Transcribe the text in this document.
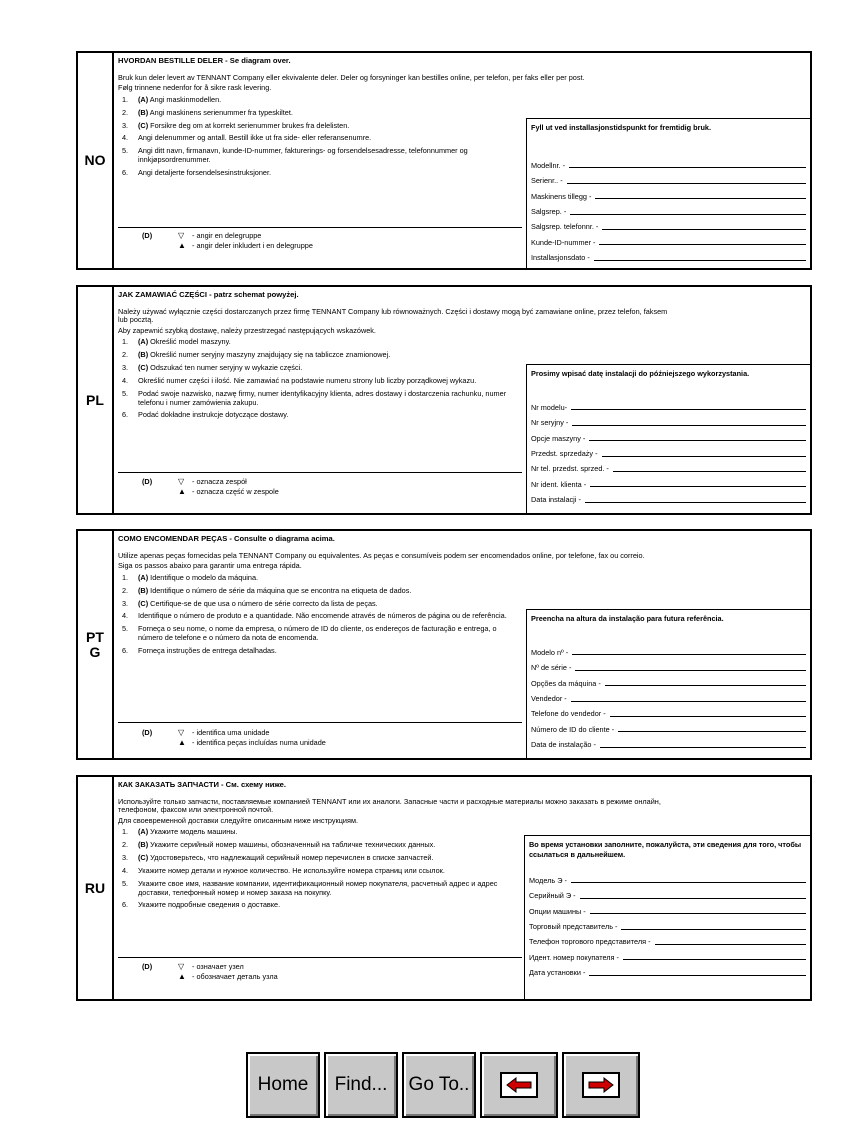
NO
HVORDAN BESTILLE DELER - Se diagram over.
Bruk kun deler levert av TENNANT Company eller ekvivalente deler. Deler og forsyninger kan bestilles online, per telefon, per faks eller per post.
Følg trinnene nedenfor for å sikre rask levering.
1. (A) Angi maskinmodellen.
2. (B) Angi maskinens serienummer fra typeskiltet.
3. (C) Forsikre deg om at korrekt serienummer brukes fra delelisten.
4. Angi delenummer og antall. Bestill ikke ut fra side- eller referansenumre.
5. Angi ditt navn, firmanavn, kunde-ID-nummer, fakturerings- og forsendelsesadresse, telefonnummer og innkjøpsordrenummer.
6. Angi detaljerte forsendelsesinstruksjoner.
(D)	▽ - angir en delegruppe
▲ - angir deler inkludert i en delegruppe
Fyll ut ved installasjonstidspunkt for fremtidig bruk.
Modellnr. -
Serienr.. -
Maskinens tillegg -
Salgsrep. -
Salgsrep. telefonnr. -
Kunde-ID-nummer -
Installasjonsdato -
PL
JAK ZAMAWIAĆ CZĘŚCI - patrz schemat powyżej.
Należy używać wyłącznie części dostarczanych przez firmę TENNANT Company lub równoważnych. Części i dostawy mogą być zamawiane online, przez telefon, faksem lub pocztą.
Aby zapewnić szybką dostawę, należy przestrzegać następujących wskazówek.
1. (A) Określić model maszyny.
2. (B) Określić numer seryjny maszyny znajdujący się na tabliczce znamionowej.
3. (C) Odszukać ten numer seryjny w wykazie części.
4. Określić numer części i ilość. Nie zamawiać na podstawie numeru strony lub liczby porządkowej wykazu.
5. Podać swoje nazwisko, nazwę firmy, numer identyfikacyjny klienta, adres dostawy i dostarczenia rachunku, numer telefonu i numer zamówienia zakupu.
6. Podać dokładne instrukcje dotyczące dostawy.
(D)	▽ - oznacza zespół
▲ - oznacza część w zespole
Prosimy wpisać datę instalacji do późniejszego wykorzystania.
Nr modelu-
Nr seryjny -
Opcje maszyny -
Przedst. sprzedaży -
Nr tel. przedst. sprzed. -
Nr ident. klienta -
Data instalacji -
PT
G
COMO ENCOMENDAR PEÇAS - Consulte o diagrama acima.
Utilize apenas peças fornecidas pela TENNANT Company ou equivalentes. As peças e consumíveis podem ser encomendados online, por telefone, fax ou correio.
Siga os passos abaixo para garantir uma entrega rápida.
1. (A) Identifique o modelo da máquina.
2. (B) Identifique o número de série da máquina que se encontra na etiqueta de dados.
3. (C) Certifique-se de que usa o número de série correcto da lista de peças.
4. Identifique o número de produto e a quantidade. Não encomende através de números de página ou de referência.
5. Forneça o seu nome, o nome da empresa, o número de ID do cliente, os endereços de facturação e entrega, o número de telefone e o número da nota de encomenda.
6. Forneça instruções de entrega detalhadas.
(D)	▽ - identifica uma unidade
▲ - identifica peças incluídas numa unidade
Preencha na altura da instalação para futura referência.
Modelo nº -
Nº de série -
Opções da máquina -
Vendedor -
Telefone do vendedor -
Número de ID do cliente -
Data de instalação -
RU
КАК ЗАКАЗАТЬ ЗАПЧАСТИ - См. схему ниже.
Используйте только запчасти, поставляемые компанией TENNANT или их аналоги. Запасные части и расходные материалы можно заказать в режиме онлайн, телефоном, факсом или электронной почтой.
Для своевременной доставки следуйте описанным ниже инструкциям.
1. (A) Укажите модель машины.
2. (B) Укажите серийный номер машины, обозначенный на табличке технических данных.
3. (C) Удостоверьтесь, что надлежащий серийный номер перечислен в списке запчастей.
4. Укажите номер детали и нужное количество. Не используйте номера страниц или ссылок.
5. Укажите свое имя, название компании, идентификационный номер покупателя, расчетный адрес и адрес доставки, телефонный номер и номер заказа на покупку.
6. Укажите подробные сведения о доставке.
(D)	▽ - означает узел
▲ - обозначает деталь узла
Во время установки заполните, пожалуйста, эти сведения для того, чтобы ссылаться в дальнейшем.
Модель Э -
Серийный Э -
Опции машины -
Торговый представитель -
Телефон торгового представителя -
Идент. номер покупателя -
Дата установки -
Home	Find...	Go To..
